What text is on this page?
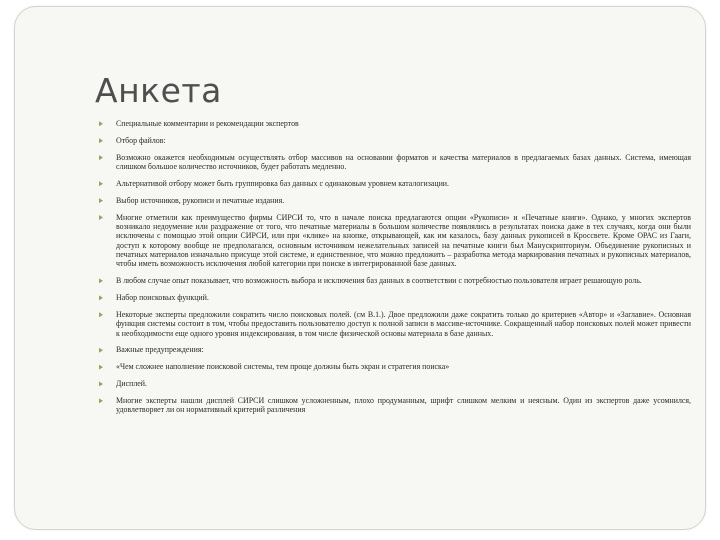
Анкета
Специальные комментарии и рекомендации экспертов
Отбор файлов:
Возможно окажется необходимым осуществлять отбор массивов на основании форматов и качества материалов в предлагаемых базах данных. Система, имеющая слишком большое количество источников, будет работать медленно.
Альтернативой отбору может быть группировка баз данных с одинаковым уровнем каталогизации.
Выбор источников, рукописи и печатные издания.
Многие отметили как преимущество фирмы СИРСИ то, что в начале поиска предлагаются опции «Рукописи» и «Печатные книги». Однако, у многих экспертов возникало недоумение или раздражение от того, что печатные материалы в большом количестве появлялись в результатах поиска даже в тех случаях, когда они были исключены с помощью этой опции СИРСИ, или при «клике» на кнопке, открывающей, как им казалось, базу данных рукописей в Кроссвете. Кроме ОРАС из Гааги, доступ к которому вообще не предполагался, основным источником нежелательных записей на печатные книги был Манускрипториум. Объединение рукописных и печатных материалов изначально присуще этой системе, и единственное, что можно предложить – разработка метода маркирования печатных и рукописных материалов, чтобы иметь возможность исключения любой категории при поиске в интегрированной базе данных.
В любом случае опыт показывает, что возможность выбора и исключения баз данных в соответствии с потребностью пользователя играет решающую роль.
Набор поисковых функций.
Некоторые эксперты предложили сократить число поисковых полей. (см В.1.). Двое предложили даже сократить только до критериев «Автор» и «Заглавие». Основная функция системы состоит в том, чтобы предоставить пользователю доступ к полной записи в массиве-источнике. Сокращенный набор поисковых полей может привести к необходимости еще одного уровня индексирования, в том числе физической основы материала в базе данных.
Важные предупреждения:
«Чем сложнее наполнение поисковой системы, тем проще должны быть экран и стратегия поиска»
Дисплей.
Многие эксперты нашли дисплей СИРСИ слишком усложненным, плохо продуманным, шрифт слишком мелким и неясным. Один из экспертов даже усомнился, удовлетворяет ли он нормативный критерий различения
